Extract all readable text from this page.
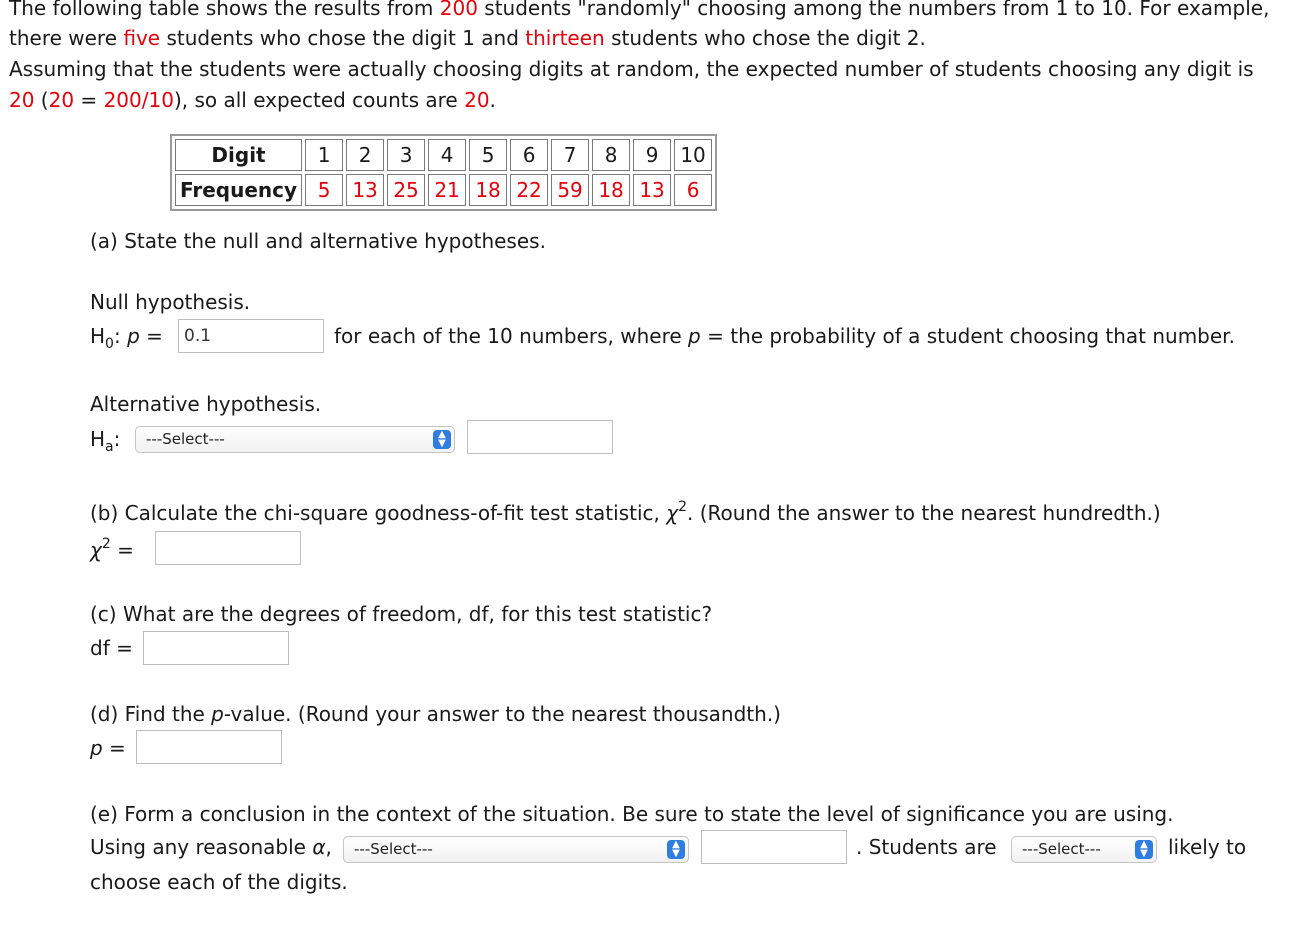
The following table shows the results from 200 students "randomly" choosing among the numbers from 1 to 10. For example,
there were five students who chose the digit 1 and thirteen students who chose the digit 2.
Assuming that the students were actually choosing digits at random, the expected number of students choosing any digit is
20 (20 = 200/10), so all expected counts are 20.
Digit	1	2	3	4	5	6	7	8	9	10
Frequency	5	13	25	21	18	22	59	18	13	6
(a) State the null and alternative hypotheses.
Null hypothesis.
$H_0$: p =
0.1	for each of the 10 numbers, where p = the probability of a student choosing that number.
Alternative hypothesis.
$H_a$:	---Select---	▲
▼
(b) Calculate the chi-square goodness-of-fit test statistic, $\chi^2$. (Round the answer to the nearest hundredth.)
$\chi^2$ =
(c) What are the degrees of freedom, df, for this test statistic?
df =
(d) Find the p-value. (Round your answer to the nearest thousandth.)
p =
(e) Form a conclusion in the context of the situation. Be sure to state the level of significance you are using.
Using any reasonable α,	---Select---	▲
▼	. Students are	---Select---	▲
▼ likely to
choose each of the digits.
